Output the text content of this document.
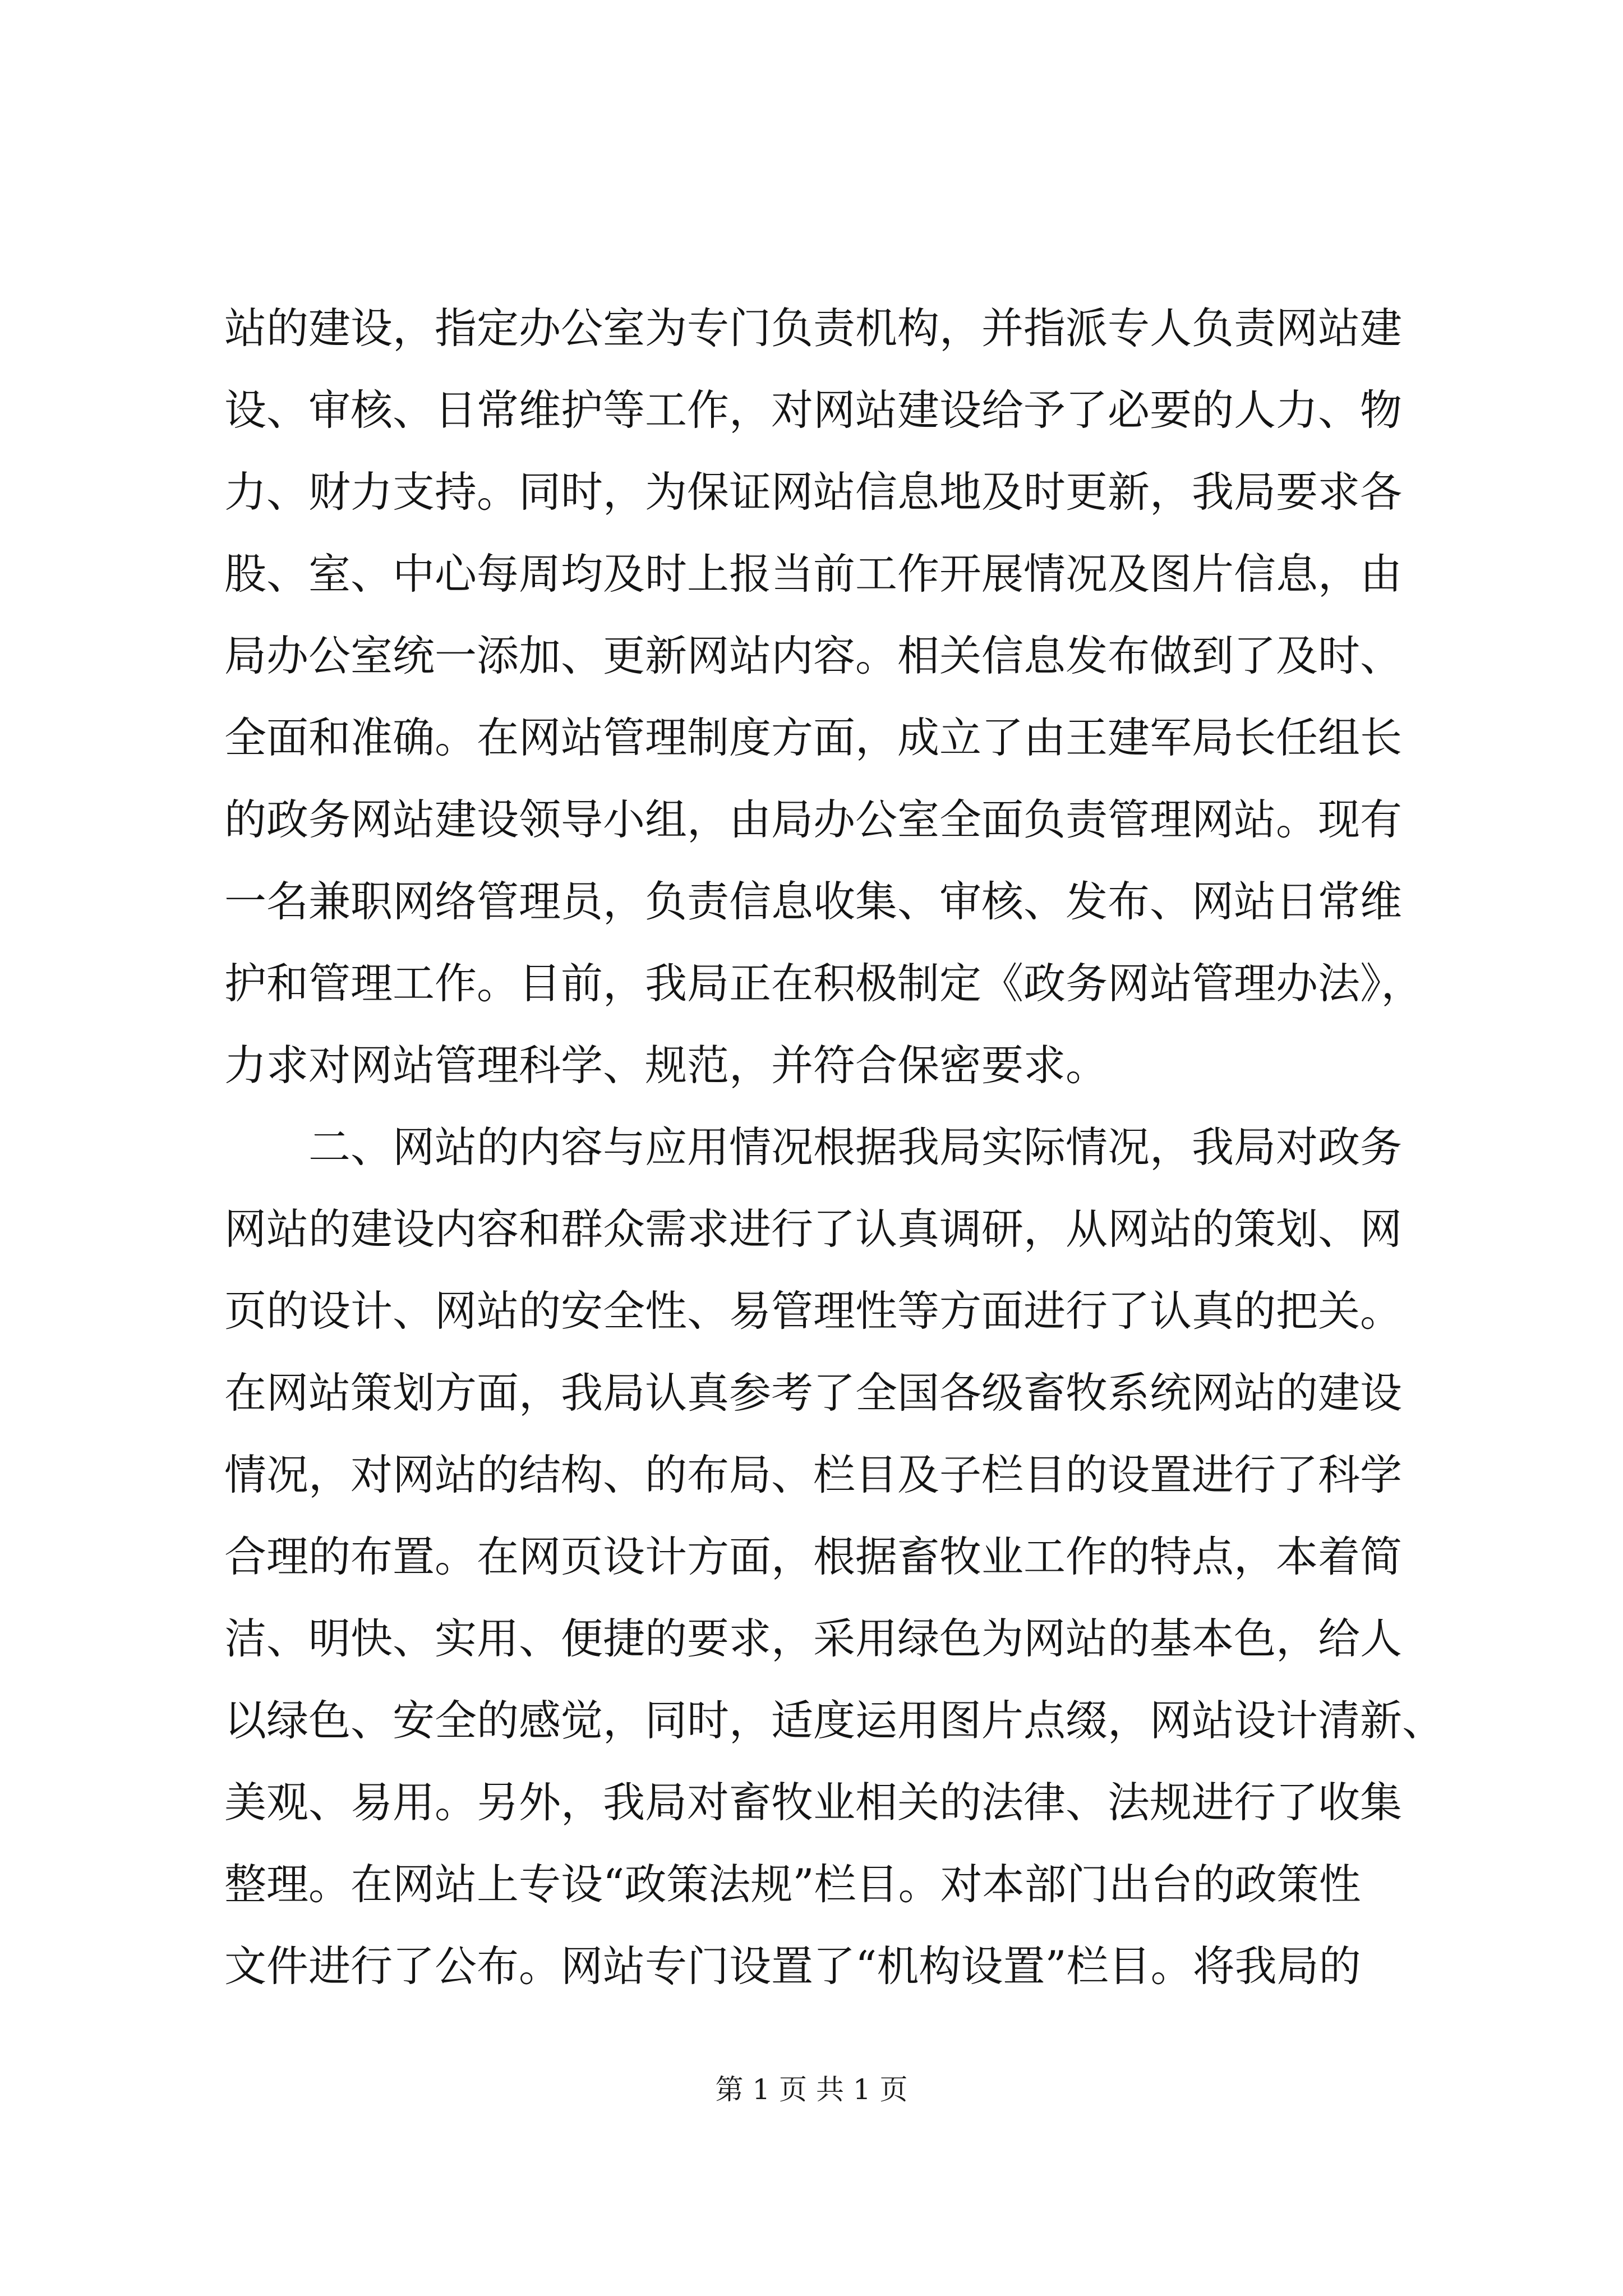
站的建设，指定办公室为专门负责机构，并指派专人负责网站建
设、审核、日常维护等工作，对网站建设给予了必要的人力、物
力、财力支持。同时，为保证网站信息地及时更新，我局要求各
股、室、中心每周均及时上报当前工作开展情况及图片信息，由
局办公室统一添加、更新网站内容。相关信息发布做到了及时、
全面和准确。在网站管理制度方面，成立了由王建军局长任组长
的政务网站建设领导小组，由局办公室全面负责管理网站。现有
一名兼职网络管理员，负责信息收集、审核、发布、网站日常维
护和管理工作。目前，我局正在积极制定《政务网站管理办法》，
力求对网站管理科学、规范，并符合保密要求。
二、网站的内容与应用情况根据我局实际情况，我局对政务
网站的建设内容和群众需求进行了认真调研，从网站的策划、网
页的设计、网站的安全性、易管理性等方面进行了认真的把关。
在网站策划方面，我局认真参考了全国各级畜牧系统网站的建设
情况，对网站的结构、的布局、栏目及子栏目的设置进行了科学
合理的布置。在网页设计方面，根据畜牧业工作的特点，本着简
洁、明快、实用、便捷的要求，采用绿色为网站的基本色，给人
以绿色、安全的感觉，同时，适度运用图片点缀，网站设计清新、
美观、易用。另外，我局对畜牧业相关的法律、法规进行了收集
整理。在网站上专设“政策法规”栏目。对本部门出台的政策性
文件进行了公布。网站专门设置了“机构设置”栏目。将我局的
第 1 页 共 1 页
